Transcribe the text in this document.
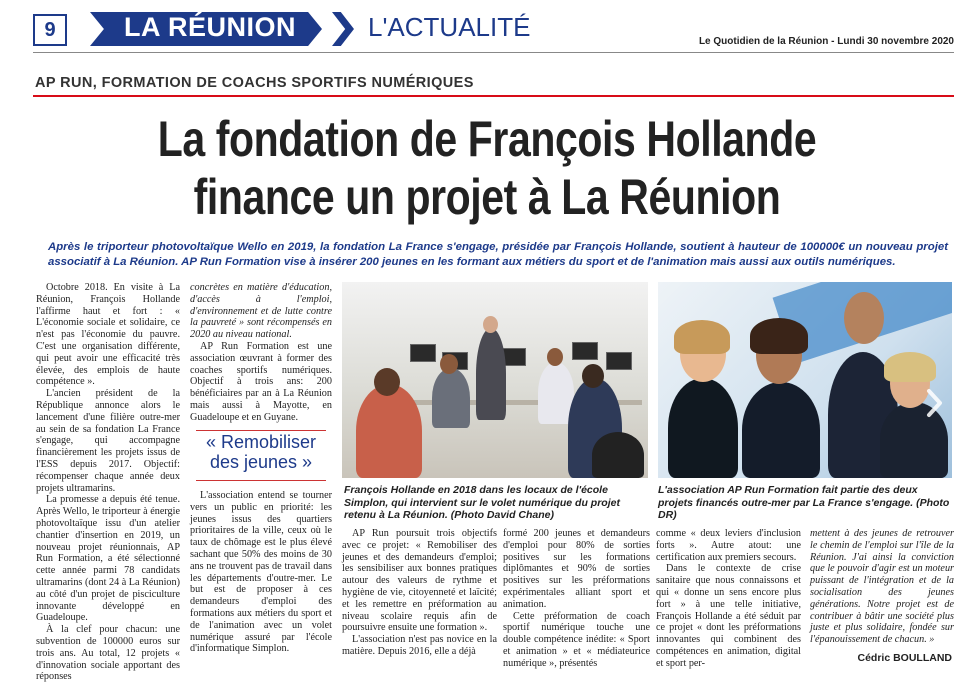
9	LA RÉUNION	L'ACTUALITÉ	Le Quotidien de la Réunion - Lundi 30 novembre 2020
AP RUN, FORMATION DE COACHS SPORTIFS NUMÉRIQUES
La fondation de François Hollande
finance un projet à La Réunion
Après le triporteur photovoltaïque Wello en 2019, la fondation La France s'engage, présidée par François Hollande, soutient à hauteur de 100000€ un nouveau projet associatif à La Réunion. AP Run Formation vise à insérer 200 jeunes en les formant aux métiers du sport et de l'animation mais aussi aux outils numériques.

Octobre 2018. En visite à La Réunion, François Hollande l'affirme haut et fort : « L'économie sociale et solidaire, ce n'est pas l'économie du pauvre. C'est une organisation différente, qui peut avoir une efficacité très élevée, des emplois de haute compétence ».

L'ancien président de la République annonce alors le lancement d'une filière outre-mer au sein de sa fondation La France s'engage, qui accompagne financièrement les projets issus de l'ESS depuis 2017. Objectif: récompenser chaque année deux projets ultramarins.

La promesse a depuis été tenue. Après Wello, le triporteur à énergie photovoltaïque issu d'un atelier chantier d'insertion en 2019, un nouveau projet réunionnais, AP Run Formation, a été sélectionné cette année parmi 78 candidats ultramarins (dont 24 à La Réunion) au côté d'un projet de pisciculture innovante développé en Guadeloupe.

À la clef pour chacun: une subvention de 100000 euros sur trois ans. Au total, 12 projets « d'innovation sociale apportant des réponses

concrètes en matière d'éducation, d'accès à l'emploi, d'environnement et de lutte contre la pauvreté » sont récompensés en 2020 au niveau national.

AP Run Formation est une association œuvrant à former des coaches sportifs numériques. Objectif à trois ans: 200 bénéficiaires par an à La Réunion mais aussi à Mayotte, en Guadeloupe et en Guyane.

« Remobiliser des jeunes »

L'association entend se tourner vers un public en priorité: les jeunes issus des quartiers prioritaires de la ville, ceux où le taux de chômage est le plus élevé sachant que 50% des moins de 30 ans ne trouvent pas de travail dans les départements d'outre-mer. Le but est de proposer à ces demandeurs d'emploi des formations aux métiers du sport et de l'animation avec un volet numérique assuré par l'école d'informatique Simplon.

François Hollande en 2018 dans les locaux de l'école Simplon, qui intervient sur le volet numérique du projet retenu à La Réunion. (Photo David Chane)
L'association AP Run Formation fait partie des deux projets financés outre-mer par La France s'engage. (Photo DR)

AP Run poursuit trois objectifs avec ce projet: « Remobiliser des jeunes et des demandeurs d'emploi; les sensibiliser aux bonnes pratiques autour des valeurs de rythme et hygiène de vie, citoyenneté et laïcité; et les remettre en préformation au niveau scolaire requis afin de poursuivre ensuite une formation ».

L'association n'est pas novice en la matière. Depuis 2016, elle a déjà

formé 200 jeunes et demandeurs d'emploi pour 80% de sorties positives sur les formations diplômantes et 90% de sorties positives sur les préformations expérimentales alliant sport et animation.

Cette préformation de coach sportif numérique touche une double compétence inédite: « Sport et animation » et « médiateurice numérique », présentés

comme « deux leviers d'inclusion forts ». Autre atout: une certification aux premiers secours.

Dans le contexte de crise sanitaire que nous connaissons et qui « donne un sens encore plus fort » à une telle initiative, François Hollande a été séduit par ce projet « dont les préformations innovantes qui combinent des compétences en animation, digital et sport per-

mettent à des jeunes de retrouver le chemin de l'emploi sur l'île de la Réunion. J'ai ainsi la conviction que le pouvoir d'agir est un moteur puissant de l'intégration et de la socialisation des jeunes générations. Notre projet est de contribuer à bâtir une société plus juste et plus solidaire, fondée sur l'épanouissement de chacun. »

Cédric BOULLAND
